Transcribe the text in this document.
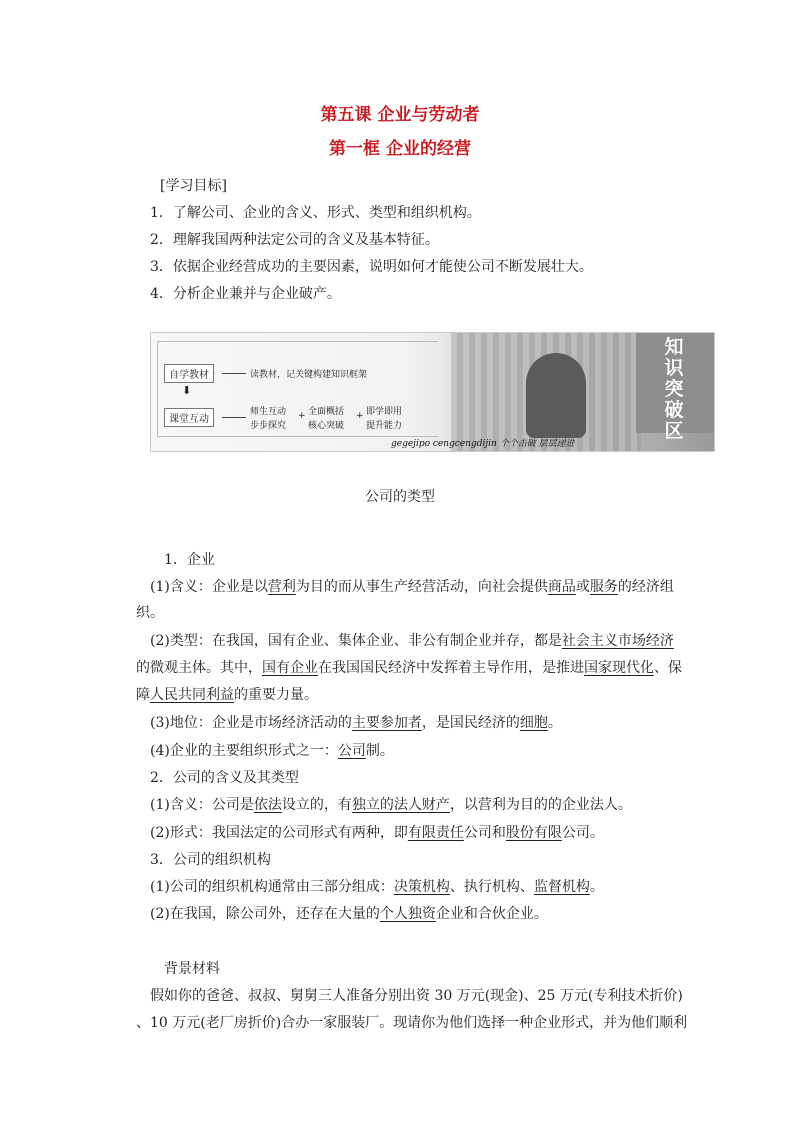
第五课 企业与劳动者
第一框 企业的经营
[学习目标]
1．了解公司、企业的含义、形式、类型和组织机构。
2．理解我国两种法定公司的含义及基本特征。
3．依据企业经营成功的主要因素，说明如何才能使公司不断发展壮大。
4．分析企业兼并与企业破产。
自学教材	读教材，记关键构建知识框架
⬇
课堂互动
师生互动
步步探究
+ 全面概括
核心突破
+ 即学即用
提升能力
知
识
突
破
区
gegejipo cengcengdijin 个个击破 层层递进
公司的类型
1．企业
(1)含义：企业是以营利为目的而从事生产经营活动，向社会提供商品或服务的经济组
织。
(2)类型：在我国，国有企业、集体企业、非公有制企业并存，都是社会主义市场经济
的微观主体。其中，国有企业在我国国民经济中发挥着主导作用，是推进国家现代化、保
障人民共同利益的重要力量。
(3)地位：企业是市场经济活动的主要参加者，是国民经济的细胞。
(4)企业的主要组织形式之一：公司制。
2．公司的含义及其类型
(1)含义：公司是依法设立的，有独立的法人财产，以营利为目的的企业法人。
(2)形式：我国法定的公司形式有两种，即有限责任公司和股份有限公司。
3．公司的组织机构
(1)公司的组织机构通常由三部分组成：决策机构、执行机构、监督机构。
(2)在我国，除公司外，还存在大量的个人独资企业和合伙企业。
背景材料
假如你的爸爸、叔叔、舅舅三人准备分别出资 30 万元(现金)、25 万元(专利技术折价)
、10 万元(老厂房折价)合办一家服装厂。现请你为他们选择一种企业形式，并为他们顺利
